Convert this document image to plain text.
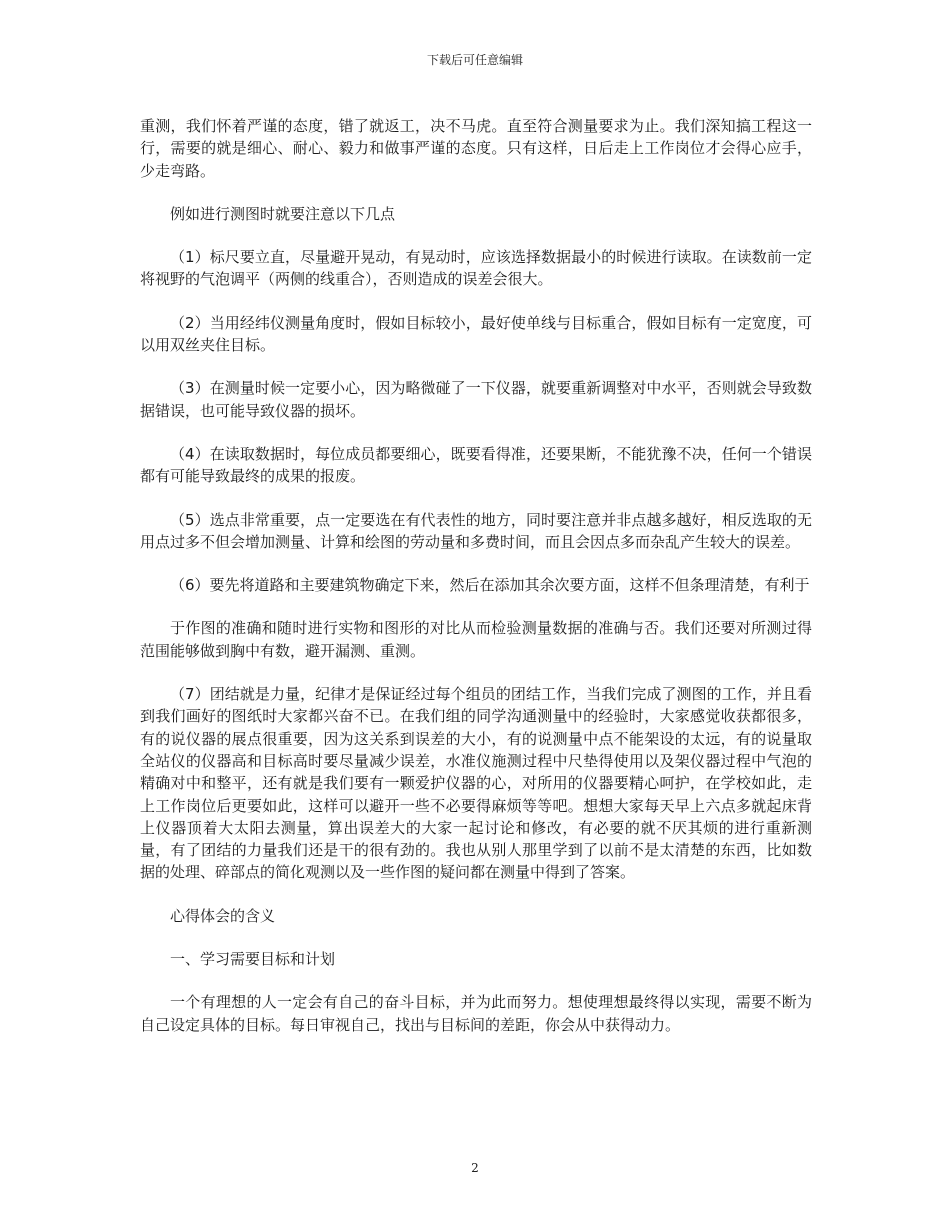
下载后可任意编辑

重测，我们怀着严谨的态度，错了就返工，决不马虎。直至符合测量要求为止。我们深知搞工程这一行，需要的就是细心、耐心、毅力和做事严谨的态度。只有这样，日后走上工作岗位才会得心应手，少走弯路。

例如进行测图时就要注意以下几点

（1）标尺要立直，尽量避开晃动，有晃动时，应该选择数据最小的时候进行读取。在读数前一定将视野的气泡调平（两侧的线重合），否则造成的误差会很大。

（2）当用经纬仪测量角度时，假如目标较小，最好使单线与目标重合，假如目标有一定宽度，可以用双丝夹住目标。

（3）在测量时候一定要小心，因为略微碰了一下仪器，就要重新调整对中水平，否则就会导致数据错误，也可能导致仪器的损坏。

（4）在读取数据时，每位成员都要细心，既要看得准，还要果断，不能犹豫不决，任何一个错误都有可能导致最终的成果的报废。

（5）选点非常重要，点一定要选在有代表性的地方，同时要注意并非点越多越好，相反选取的无用点过多不但会增加测量、计算和绘图的劳动量和多费时间，而且会因点多而杂乱产生较大的误差。

（6）要先将道路和主要建筑物确定下来，然后在添加其余次要方面，这样不但条理清楚，有利于

于作图的准确和随时进行实物和图形的对比从而检验测量数据的准确与否。我们还要对所测过得范围能够做到胸中有数，避开漏测、重测。

（7）团结就是力量，纪律才是保证经过每个组员的团结工作，当我们完成了测图的工作，并且看到我们画好的图纸时大家都兴奋不已。在我们组的同学沟通测量中的经验时，大家感觉收获都很多，有的说仪器的展点很重要，因为这关系到误差的大小，有的说测量中点不能架设的太远，有的说量取全站仪的仪器高和目标高时要尽量减少误差，水准仪施测过程中尺垫得使用以及架仪器过程中气泡的精确对中和整平，还有就是我们要有一颗爱护仪器的心，对所用的仪器要精心呵护，在学校如此，走上工作岗位后更要如此，这样可以避开一些不必要得麻烦等等吧。想想大家每天早上六点多就起床背上仪器顶着大太阳去测量，算出误差大的大家一起讨论和修改，有必要的就不厌其烦的进行重新测量，有了团结的力量我们还是干的很有劲的。我也从别人那里学到了以前不是太清楚的东西，比如数据的处理、碎部点的简化观测以及一些作图的疑问都在测量中得到了答案。

心得体会的含义

一、学习需要目标和计划

一个有理想的人一定会有自己的奋斗目标，并为此而努力。想使理想最终得以实现，需要不断为自己设定具体的目标。每日审视自己，找出与目标间的差距，你会从中获得动力。

2
